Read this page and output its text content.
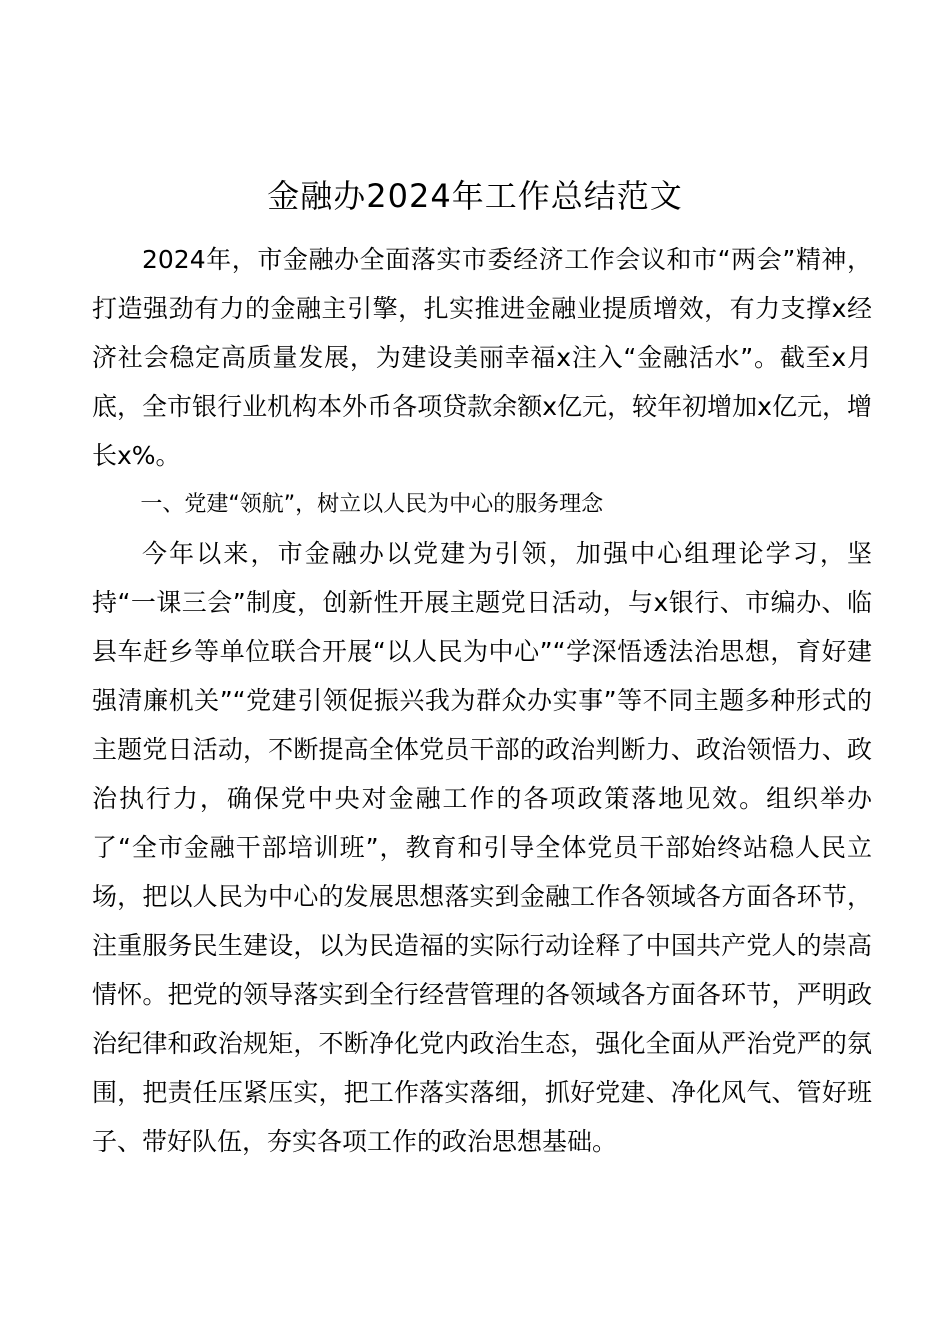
金融办2024年工作总结范文

2024年，市金融办全面落实市委经济工作会议和市“两会”精神，打造强劲有力的金融主引擎，扎实推进金融业提质增效，有力支撑x经济社会稳定高质量发展，为建设美丽幸福x注入“金融活水”。截至x月底，全市银行业机构本外币各项贷款余额x亿元，较年初增加x亿元，增长x%。

一、党建“领航”，树立以人民为中心的服务理念

今年以来，市金融办以党建为引领，加强中心组理论学习，坚持“一课三会”制度，创新性开展主题党日活动，与x银行、市编办、临县车赶乡等单位联合开展“以人民为中心”“学深悟透法治思想，育好建强清廉机关”“党建引领促振兴我为群众办实事”等不同主题多种形式的主题党日活动，不断提高全体党员干部的政治判断力、政治领悟力、政治执行力，确保党中央对金融工作的各项政策落地见效。组织举办了“全市金融干部培训班”，教育和引导全体党员干部始终站稳人民立场，把以人民为中心的发展思想落实到金融工作各领域各方面各环节，注重服务民生建设，以为民造福的实际行动诠释了中国共产党人的崇高情怀。把党的领导落实到全行经营管理的各领域各方面各环节，严明政治纪律和政治规矩，不断净化党内政治生态，强化全面从严治党严的氛围，把责任压紧压实，把工作落实落细，抓好党建、净化风气、管好班子、带好队伍，夯实各项工作的政治思想基础。
